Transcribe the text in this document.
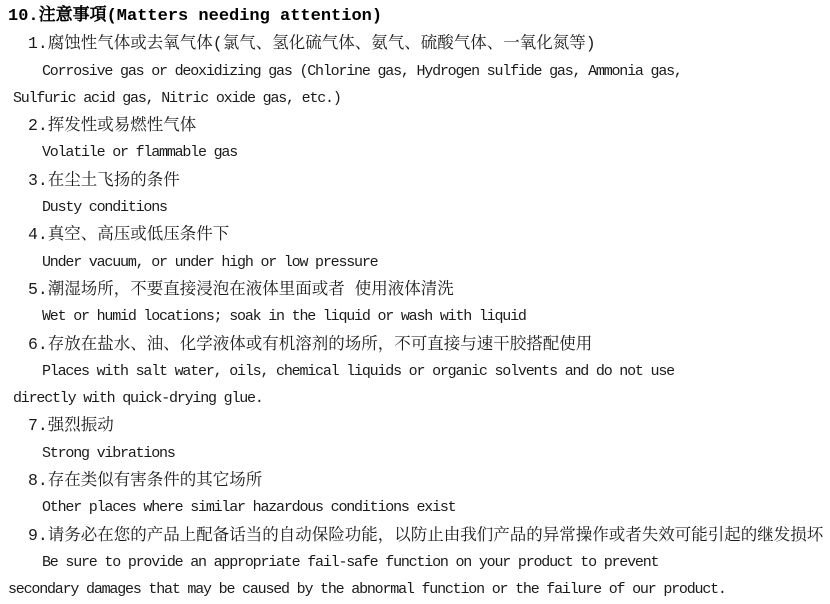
10.注意事項(Matters needing attention)
1.腐蚀性气体或去氧气体(氯气、氢化硫气体、氨气、硫酸气体、一氧化氮等)
Corrosive gas or deoxidizing gas (Chlorine gas, Hydrogen sulfide gas, Ammonia gas,
Sulfuric acid gas, Nitric oxide gas, etc.)
2.挥发性或易燃性气体
Volatile or flammable gas
3.在尘土飞扬的条件
Dusty conditions
4.真空、高压或低压条件下
Under vacuum, or under high or low pressure
5.潮湿场所，不要直接浸泡在液体里面或者 使用液体清洗
Wet or humid locations; soak in the liquid or wash with liquid
6.存放在盐水、油、化学液体或有机溶剂的场所，不可直接与速干胶搭配使用
Places with salt water, oils, chemical liquids or organic solvents and do not use
directly with quick-drying glue.
7.强烈振动
Strong vibrations
8.存在类似有害条件的其它场所
Other places where similar hazardous conditions exist
9.请务必在您的产品上配备话当的自动保险功能，以防止由我们产品的异常操作或者失效可能引起的继发损坏
Be sure to provide an appropriate fail-safe function on your product to prevent
secondary damages that may be caused by the abnormal function or the failure of our product.
